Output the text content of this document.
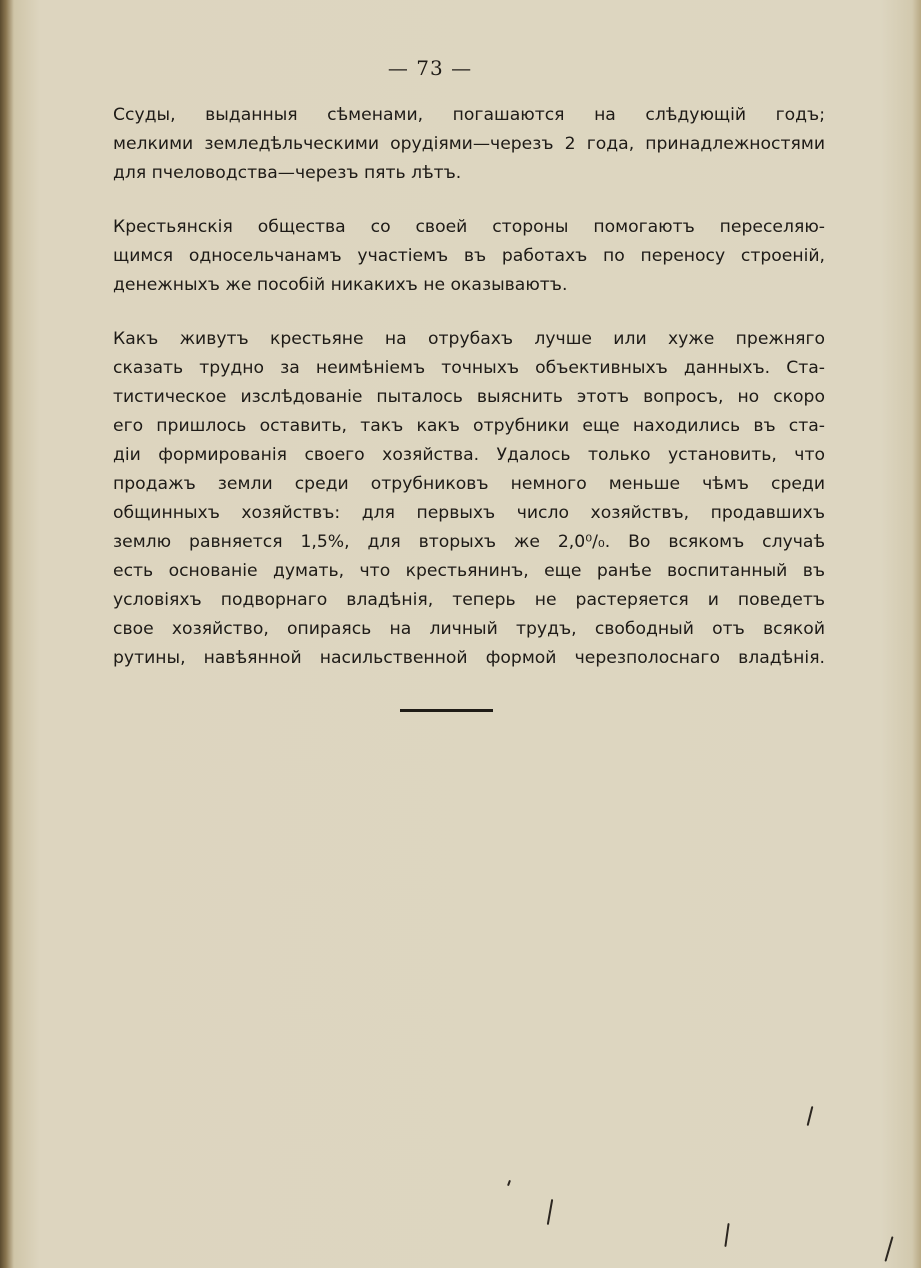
— 73 —
Ссуды, выданныя сѣменами, погашаются на слѣдующій годъ;
мелкими земледѣльческими орудіями—черезъ 2 года, принадлежностями
для пчеловодства—черезъ пять лѣтъ.
Крестьянскія общества со своей стороны помогаютъ переселяю-
щимся односельчанамъ участіемъ въ работахъ по переносу строеній,
денежныхъ же пособій никакихъ не оказываютъ.
Какъ живутъ крестьяне на отрубахъ лучше или хуже прежняго
сказать трудно за неимѣніемъ точныхъ объективныхъ данныхъ. Ста-
тистическое изслѣдованіе пыталось выяснить этотъ вопросъ, но скоро
его пришлось оставить, такъ какъ отрубники еще находились въ ста-
діи формированія своего хозяйства. Удалось только установить, что
продажъ земли среди отрубниковъ немного меньше чѣмъ среди
общинныхъ хозяйствъ: для первыхъ число хозяйствъ, продавшихъ
землю равняется 1,5%, для вторыхъ же 2,0⁰/₀. Во всякомъ случаѣ
есть основаніе думать, что крестьянинъ, еще ранѣе воспитанный въ
условіяхъ подворнаго владѣнія, теперь не растеряется и поведетъ
свое хозяйство, опираясь на личный трудъ, свободный отъ всякой
рутины, навѣянной насильственной формой черезполоснаго владѣнія.
